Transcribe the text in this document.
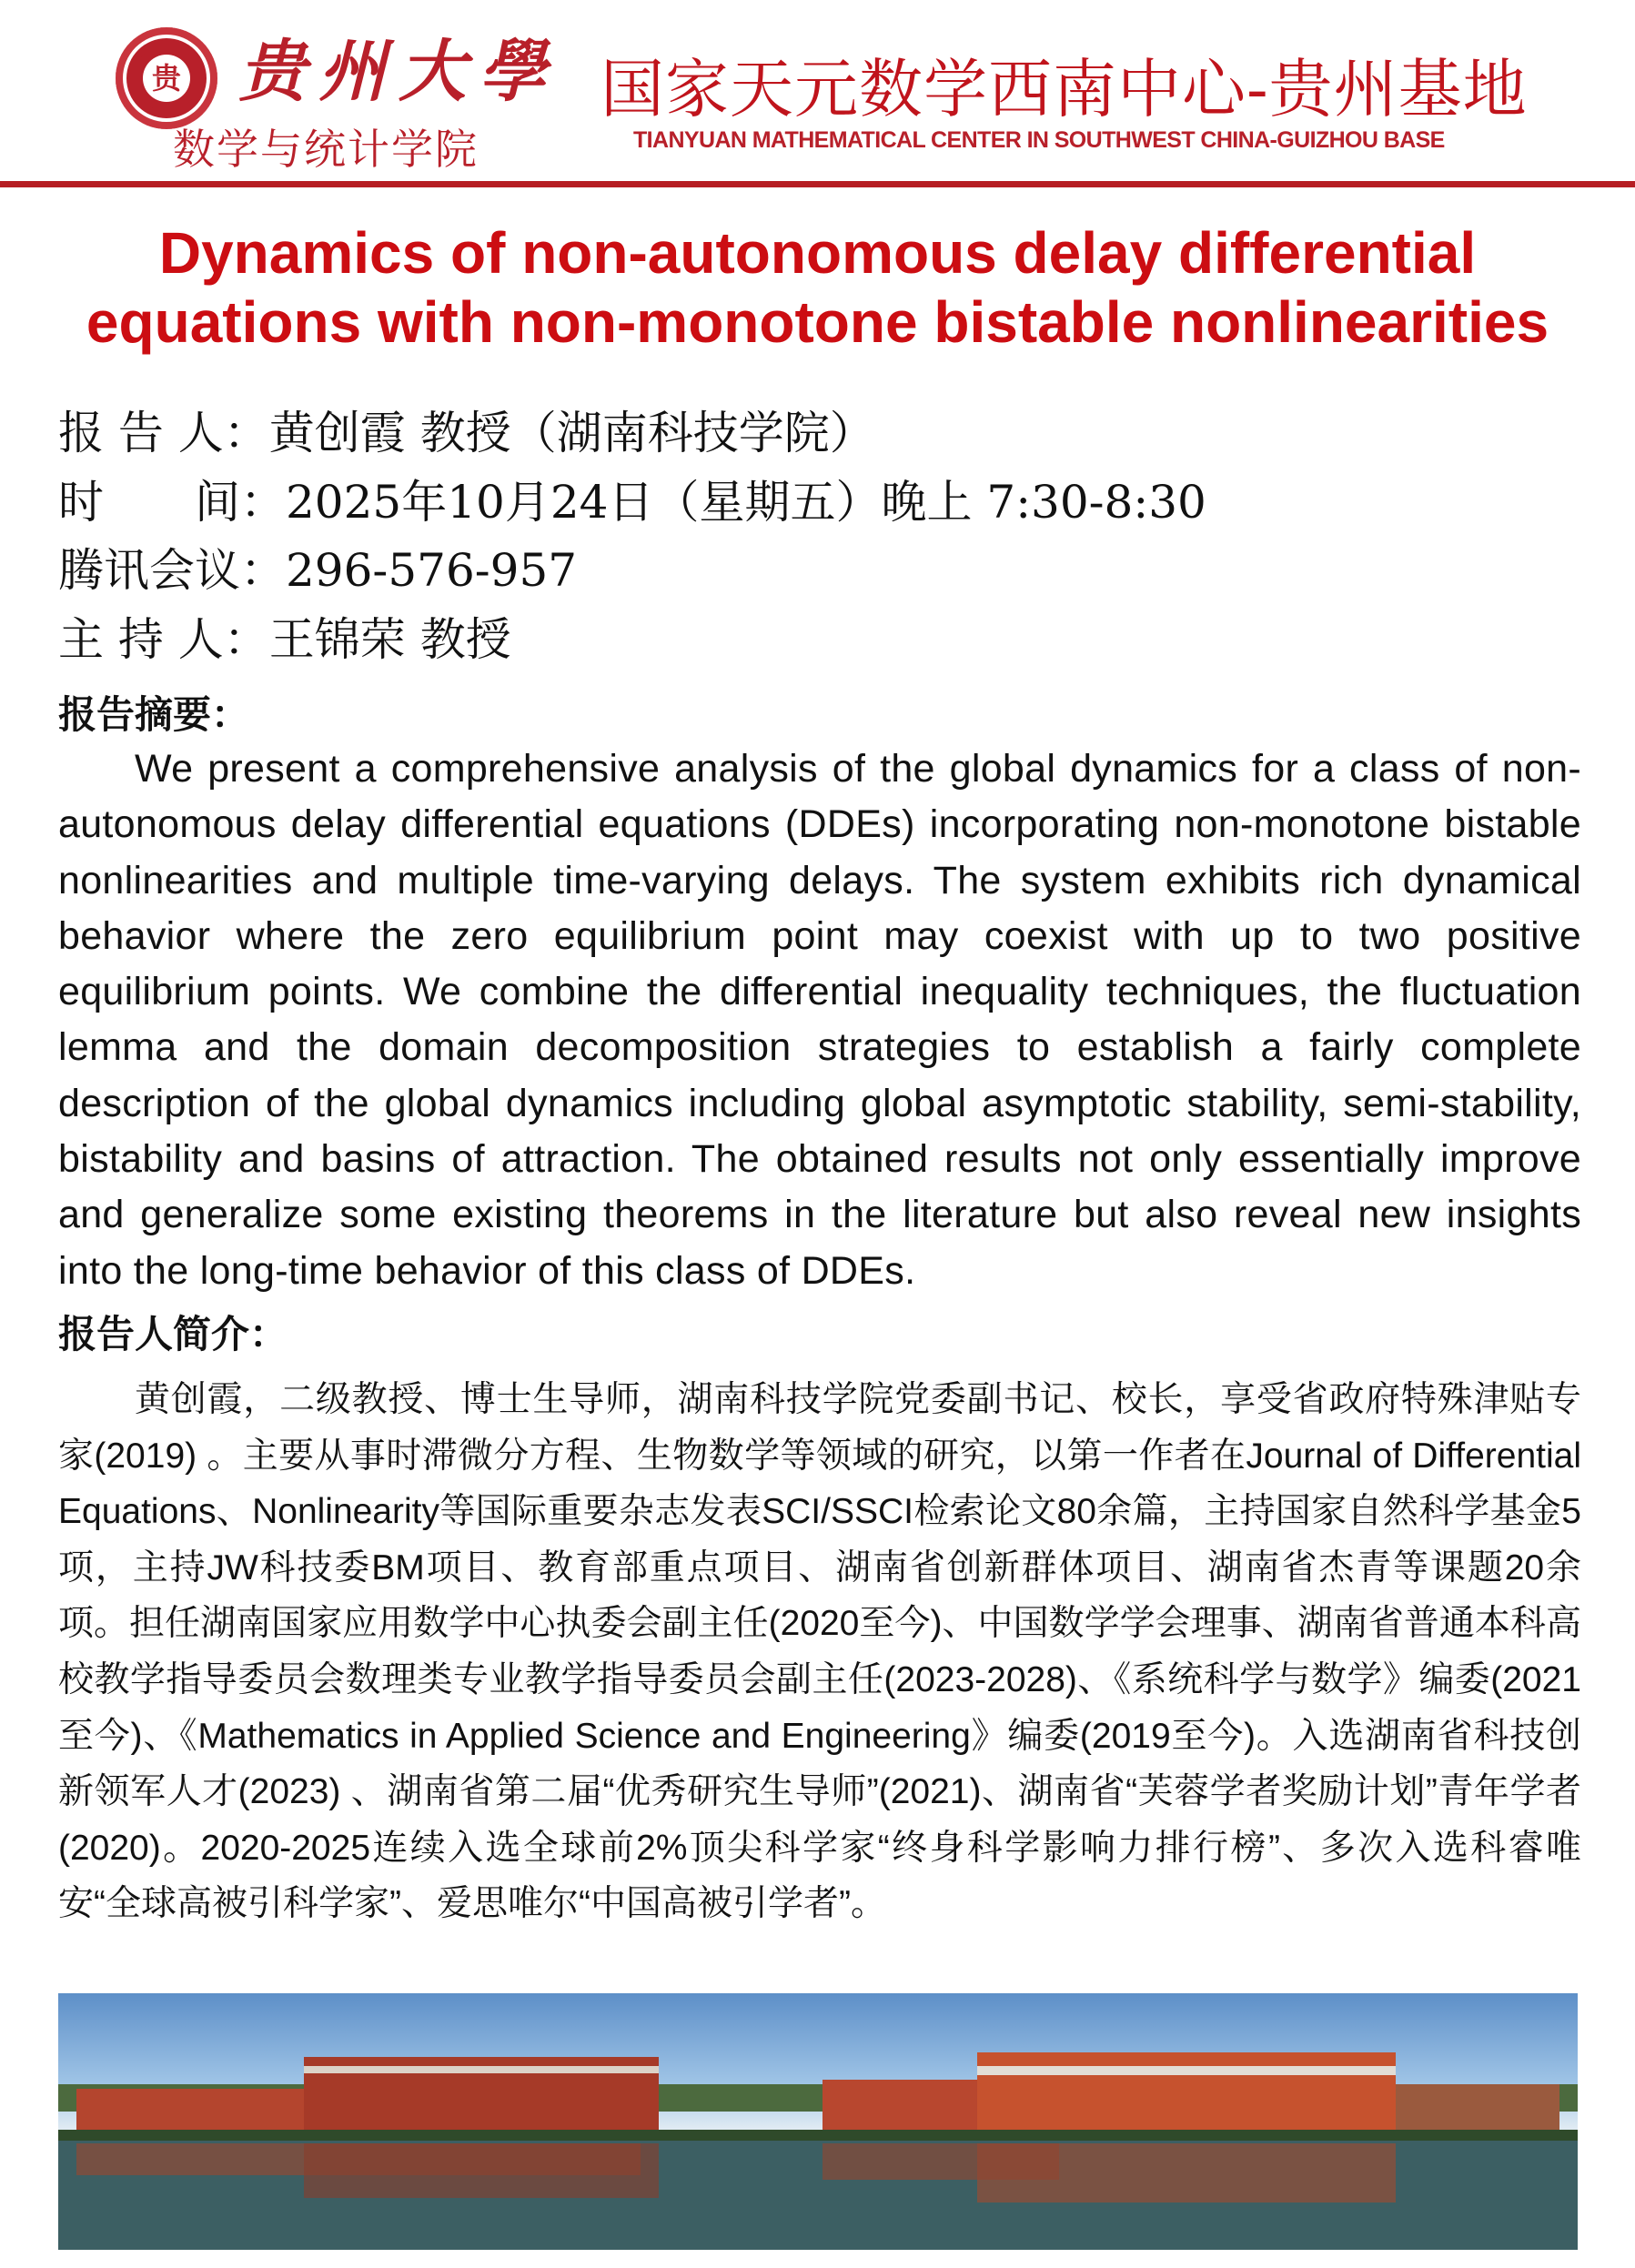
贵 贵州大學
数学与统计学院
国家天元数学西南中心-贵州基地
TIANYUAN MATHEMATICAL CENTER IN SOUTHWEST CHINA-GUIZHOU BASE
Dynamics of non-autonomous delay differential equations with non-monotone bistable nonlinearities
报 告 人：黄创霞 教授（湖南科技学院）
时　　间：2025年10月24日（星期五）晚上 7:30-8:30
腾讯会议：296-576-957
主 持 人：王锦荣 教授
报告摘要：
We present a comprehensive analysis of the global dynamics for a class of non-autonomous delay differential equations (DDEs) incorporating non-monotone bistable nonlinearities and multiple time-varying delays. The system exhibits rich dynamical behavior where the zero equilibrium point may coexist with up to two positive equilibrium points. We combine the differential inequality techniques, the fluctuation lemma and the domain decomposition strategies to establish a fairly complete description of the global dynamics including global asymptotic stability, semi-stability, bistability and basins of attraction. The obtained results not only essentially improve and generalize some existing theorems in the literature but also reveal new insights into the long-time behavior of this class of DDEs.
报告人简介：
黄创霞，二级教授、博士生导师，湖南科技学院党委副书记、校长，享受省政府特殊津贴专家(2019) 。主要从事时滞微分方程、生物数学等领域的研究，以第一作者在Journal of Differential Equations、Nonlinearity等国际重要杂志发表SCI/SSCI检索论文80余篇，主持国家自然科学基金5项，主持JW科技委BM项目、教育部重点项目、湖南省创新群体项目、湖南省杰青等课题20余项。担任湖南国家应用数学中心执委会副主任(2020至今)、中国数学学会理事、湖南省普通本科高校教学指导委员会数理类专业教学指导委员会副主任(2023-2028)、《系统科学与数学》编委(2021至今)、《Mathematics in Applied Science and Engineering》编委(2019至今)。入选湖南省科技创新领军人才(2023) 、湖南省第二届“优秀研究生导师”(2021)、湖南省“芙蓉学者奖励计划”青年学者(2020)。2020-2025连续入选全球前2%顶尖科学家“终身科学影响力排行榜”、多次入选科睿唯安“全球高被引科学家”、爱思唯尔“中国高被引学者”。
